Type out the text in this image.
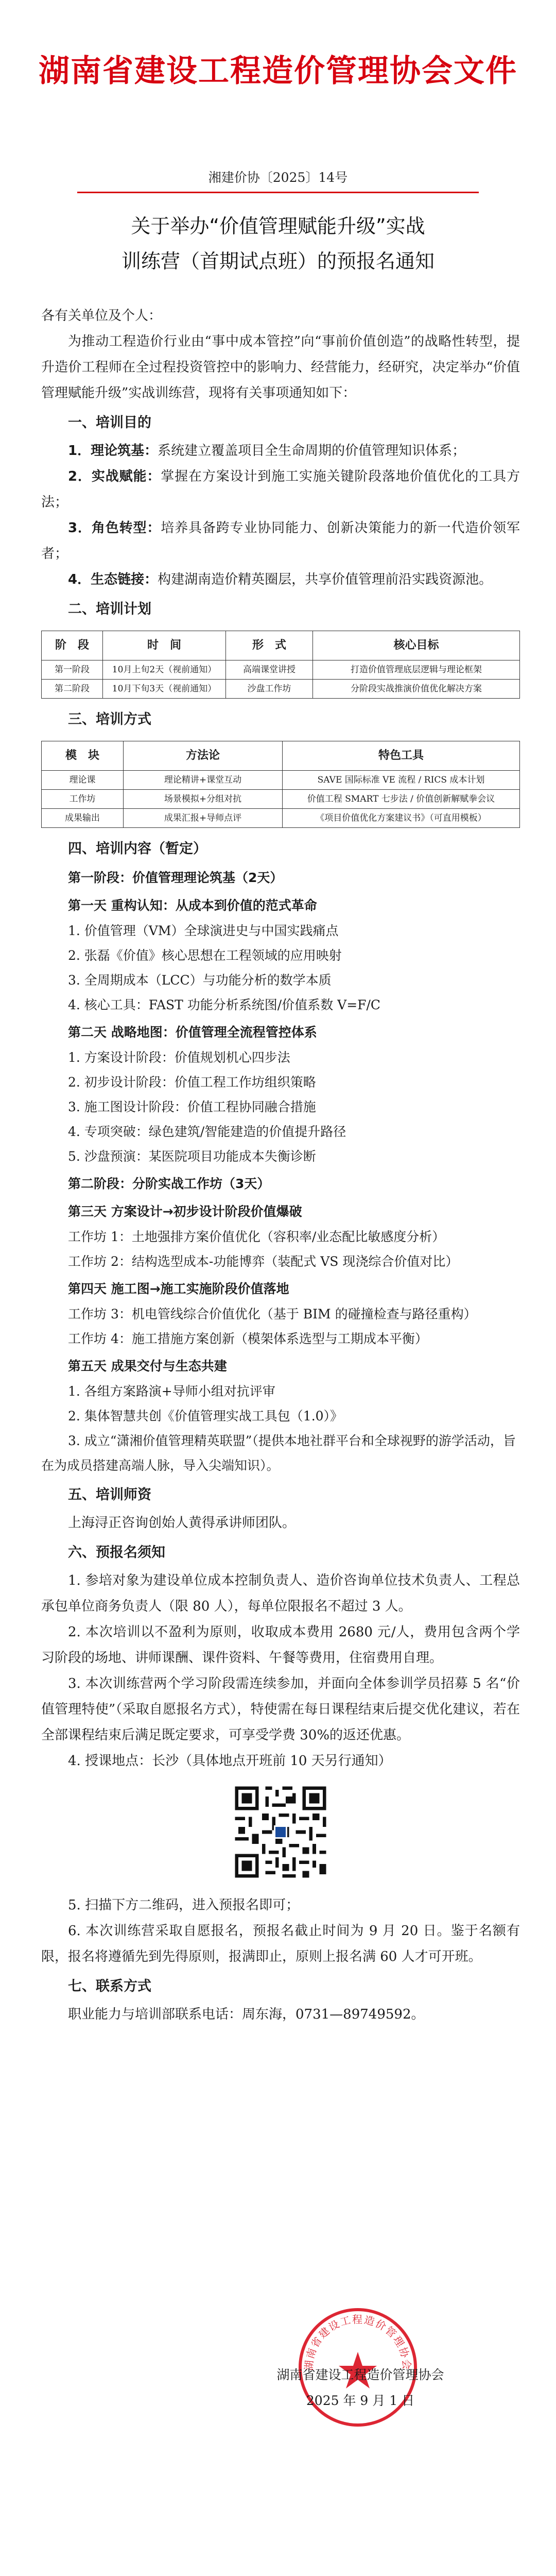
湖南省建设工程造价管理协会文件
湘建价协〔2025〕14号
关于举办“价值管理赋能升级”实战
训练营（首期试点班）的预报名通知

各有关单位及个人：

为推动工程造价行业由“事中成本管控”向“事前价值创造”的战略性转型，提升造价工程师在全过程投资管控中的影响力、经营能力，经研究，决定举办“价值管理赋能升级”实战训练营，现将有关事项通知如下：

一、培训目的

1．理论筑基：系统建立覆盖项目全生命周期的价值管理知识体系；

2．实战赋能：掌握在方案设计到施工实施关键阶段落地价值优化的工具方法；

3．角色转型：培养具备跨专业协同能力、创新决策能力的新一代造价领军者；

4．生态链接：构建湖南造价精英圈层，共享价值管理前沿实践资源池。

二、培训计划
阶　段	时　间	形　式	核心目标
第一阶段	10月上旬2天（视前通知）	高端课堂讲授	打造价值管理底层逻辑与理论框架
第二阶段	10月下旬3天（视前通知）	沙盘工作坊	分阶段实战推演价值优化解决方案
三、培训方式
模　块	方法论	特色工具
理论课	理论精讲+课堂互动	SAVE 国际标准 VE 流程 / RICS 成本计划
工作坊	场景模拟+分组对抗	价值工程 SMART 七步法 / 价值创新解赋拳会议
成果输出	成果汇报+导师点评	《项目价值优化方案建议书》（可直用模板）
四、培训内容（暂定）
第一阶段：价值管理理论筑基（2天）
第一天 重构认知：从成本到价值的范式革命

1. 价值管理（VM）全球演进史与中国实践痛点

2. 张磊《价值》核心思想在工程领域的应用映射

3. 全周期成本（LCC）与功能分析的数学本质

4. 核心工具：FAST 功能分析系统图/价值系数 V=F/C

第二天 战略地图：价值管理全流程管控体系

1. 方案设计阶段：价值规划机心四步法

2. 初步设计阶段：价值工程工作坊组织策略

3. 施工图设计阶段：价值工程协同融合措施

4. 专项突破：绿色建筑/智能建造的价值提升路径

5. 沙盘预演：某医院项目功能成本失衡诊断

第二阶段：分阶实战工作坊（3天）
第三天 方案设计→初步设计阶段价值爆破

工作坊 1：土地强排方案价值优化（容积率/业态配比敏感度分析）

工作坊 2：结构选型成本-功能博弈（装配式 VS 现浇综合价值对比）

第四天 施工图→施工实施阶段价值落地

工作坊 3：机电管线综合价值优化（基于 BIM 的碰撞检查与路径重构）

工作坊 4：施工措施方案创新（模架体系选型与工期成本平衡）

第五天 成果交付与生态共建

1. 各组方案路演+导师小组对抗评审

2. 集体智慧共创《价值管理实战工具包（1.0）》

3. 成立“潇湘价值管理精英联盟”（提供本地社群平台和全球视野的游学活动，旨在为成员搭建高端人脉，导入尖端知识）。

五、培训师资

上海浔正咨询创始人黄得承讲师团队。

六、预报名须知

1. 参培对象为建设单位成本控制负责人、造价咨询单位技术负责人、工程总承包单位商务负责人（限 80 人），每单位限报名不超过 3 人。

2. 本次培训以不盈利为原则，收取成本费用 2680 元/人，费用包含两个学习阶段的场地、讲师课酬、课件资料、午餐等费用，住宿费用自理。

3. 本次训练营两个学习阶段需连续参加，并面向全体参训学员招募 5 名“价值管理特使”（采取自愿报名方式），特使需在每日课程结束后提交优化建议，若在全部课程结束后满足既定要求，可享受学费 30%的返还优惠。

4. 授课地点：长沙（具体地点开班前 10 天另行通知）

5. 扫描下方二维码，进入预报名即可；

6. 本次训练营采取自愿报名，预报名截止时间为 9 月 20 日。鉴于名额有限，报名将遵循先到先得原则，报满即止，原则上报名满 60 人才可开班。

七、联系方式

职业能力与培训部联系电话：周东海，0731—89749592。

湖南省建设工程造价管理协会
湖南省建设工程造价管理协会
2025 年 9 月 1 日
